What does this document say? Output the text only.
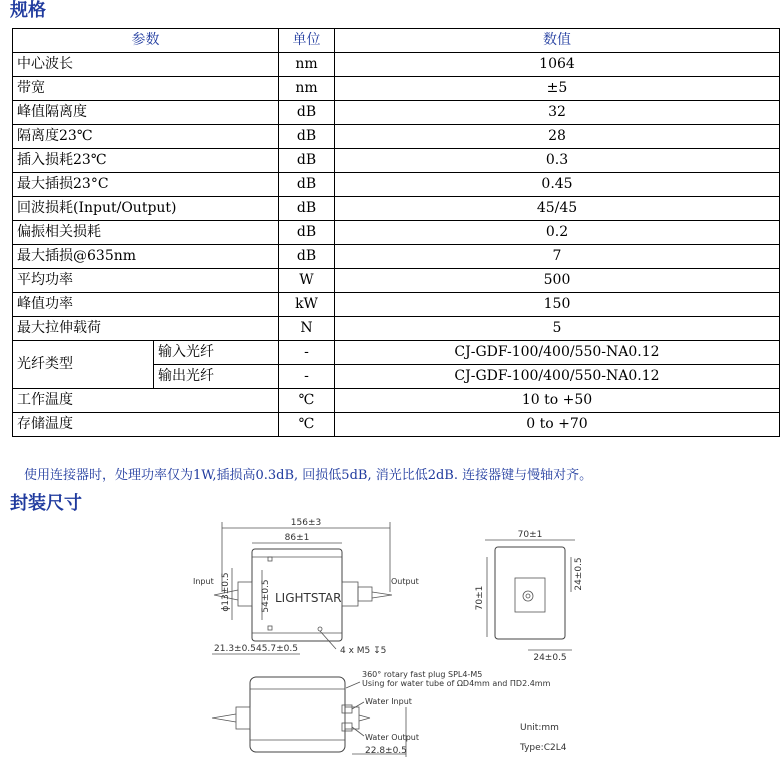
规格
参数		单位	数值
中心波长		nm	1064
带宽		nm	±5
峰值隔离度		dB	32
隔离度23℃		dB	28
插入损耗23℃		dB	0.3
最大插损23°C		dB	0.45
回波损耗(Input/Output)		dB	45/45
偏振相关损耗		dB	0.2
最大插损@635nm		dB	7
平均功率		W	500
峰值功率		kW	150
最大拉伸载荷		N	5
光纤类型	输入光纤	-	CJ-GDF-100/400/550-NA0.12
	输出光纤	-	CJ-GDF-100/400/550-NA0.12
工作温度		℃	10 to +50
存储温度		℃	0 to +70
使用连接器时，处理功率仅为1W,插损高0.3dB, 回损低5dB, 消光比低2dB. 连接器键与慢轴对齐。
封装尺寸
156±3
86±1
Input	Output
ϕ13±0.5	54±0.5 LIGHTSTAR
21.3±0.5 45.7±0.5	4 x M5 ↧5
70±1
70±1
24±0.5
24±0.5
360° rotary fast plug SPL4-M5
Using for water tube of ΩD4mm and ΠD2.4mm
Water Input
Water Output
22.8±0.5
Unit:mm
Type:C2L4
